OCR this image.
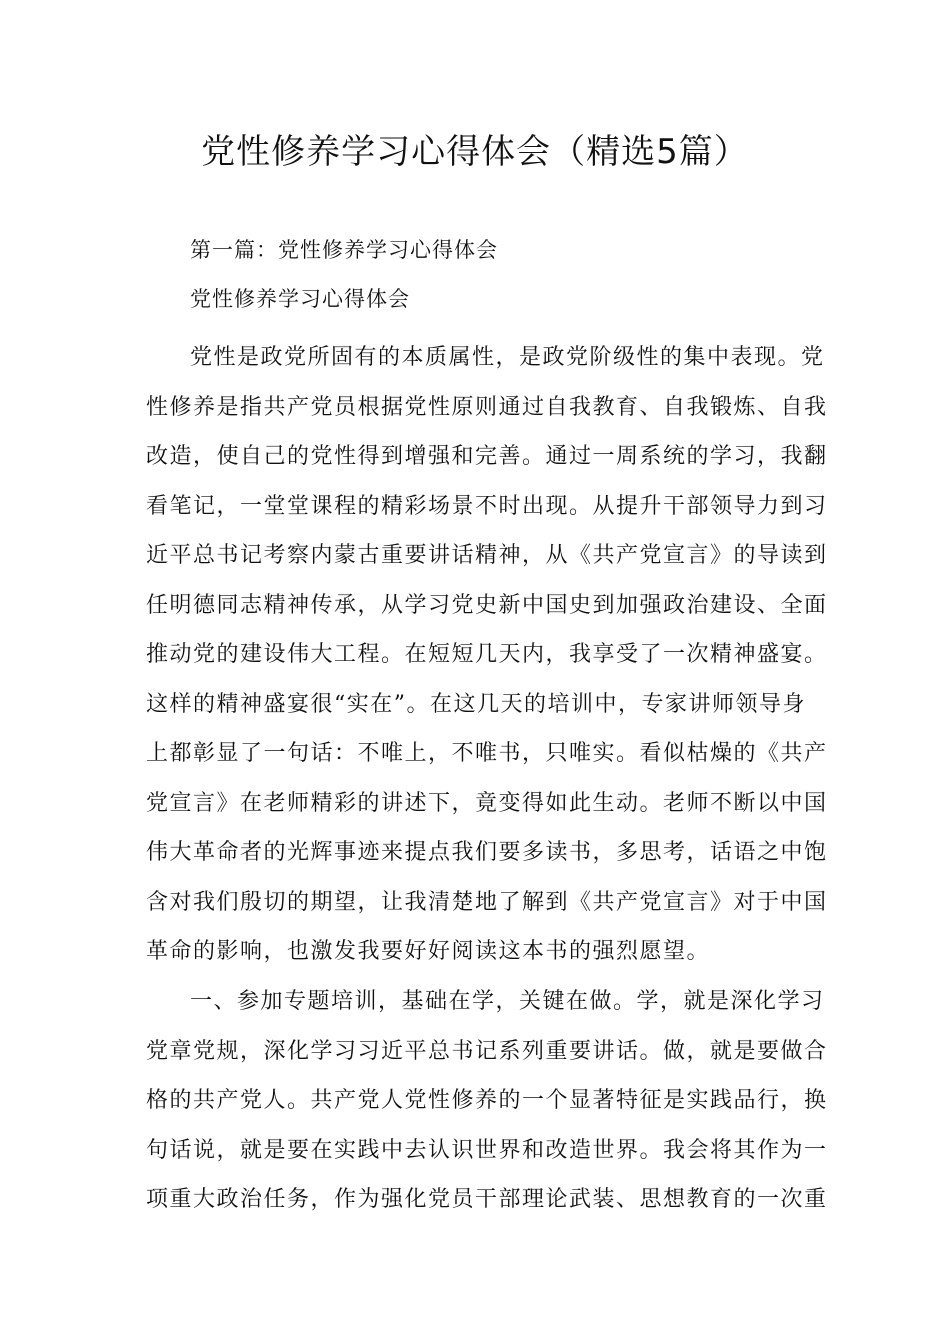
党性修养学习心得体会（精选5篇）

第一篇：党性修养学习心得体会

党性修养学习心得体会

党性是政党所固有的本质属性，是政党阶级性的集中表现。党
性修养是指共产党员根据党性原则通过自我教育、自我锻炼、自我
改造，使自己的党性得到增强和完善。通过一周系统的学习，我翻
看笔记，一堂堂课程的精彩场景不时出现。从提升干部领导力到习
近平总书记考察内蒙古重要讲话精神，从《共产党宣言》的导读到
任明德同志精神传承，从学习党史新中国史到加强政治建设、全面
推动党的建设伟大工程。在短短几天内，我享受了一次精神盛宴。
这样的精神盛宴很“实在”。在这几天的培训中，专家讲师领导身
上都彰显了一句话：不唯上，不唯书，只唯实。看似枯燥的《共产
党宣言》在老师精彩的讲述下，竟变得如此生动。老师不断以中国
伟大革命者的光辉事迹来提点我们要多读书，多思考，话语之中饱
含对我们殷切的期望，让我清楚地了解到《共产党宣言》对于中国
革命的影响，也激发我要好好阅读这本书的强烈愿望。
一、参加专题培训，基础在学，关键在做。学，就是深化学习
党章党规，深化学习习近平总书记系列重要讲话。做，就是要做合
格的共产党人。共产党人党性修养的一个显著特征是实践品行，换
句话说，就是要在实践中去认识世界和改造世界。我会将其作为一
项重大政治任务，作为强化党员干部理论武装、思想教育的一次重
